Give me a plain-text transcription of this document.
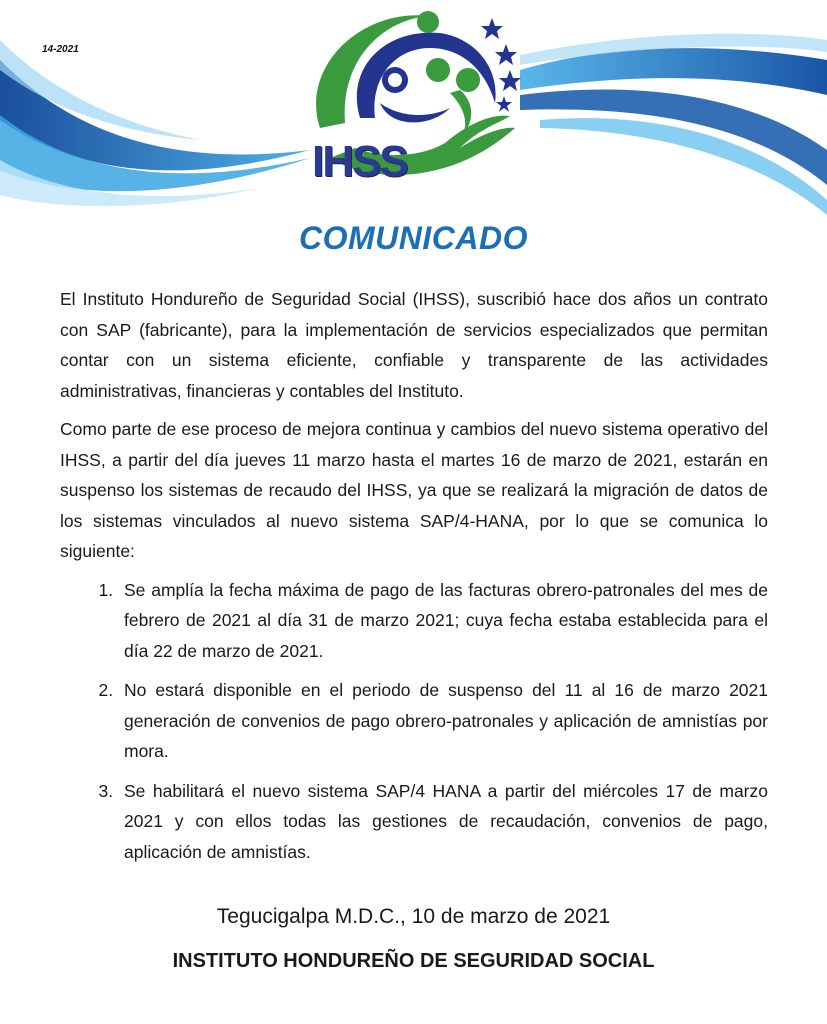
14-2021
IHSS
COMUNICADO

El Instituto Hondureño de Seguridad Social (IHSS), suscribió hace dos años un contrato con SAP (fabricante), para la implementación de servicios especializados que permitan contar con un sistema eficiente, confiable y transparente de las actividades administrativas, financieras y contables del Instituto.

Como parte de ese proceso de mejora continua y cambios del nuevo sistema operativo del IHSS, a partir del día jueves 11 marzo hasta el martes 16 de marzo de 2021, estarán en suspenso los sistemas de recaudo del IHSS, ya que se realizará la migración de datos de los sistemas vinculados al nuevo sistema SAP/4-HANA, por lo que se comunica lo siguiente:

1. Se amplía la fecha máxima de pago de las facturas obrero-patronales del mes de febrero de 2021 al día 31 de marzo 2021; cuya fecha estaba establecida para el día 22 de marzo de 2021.
2. No estará disponible en el periodo de suspenso del 11 al 16 de marzo 2021 generación de convenios de pago obrero-patronales y aplicación de amnistías por mora.
3. Se habilitará el nuevo sistema SAP/4 HANA a partir del miércoles 17 de marzo 2021 y con ellos todas las gestiones de recaudación, convenios de pago, aplicación de amnistías.
Tegucigalpa M.D.C., 10 de marzo de 2021
INSTITUTO HONDUREÑO DE SEGURIDAD SOCIAL
